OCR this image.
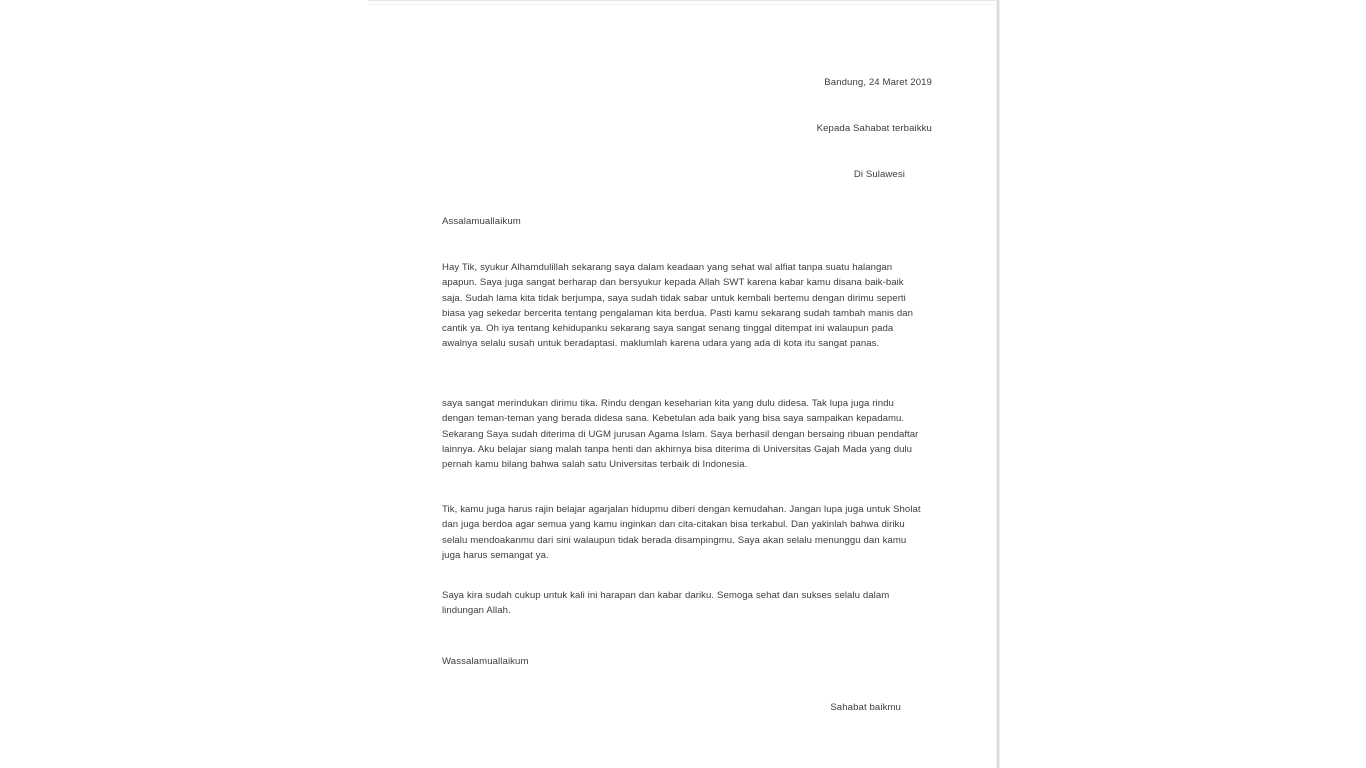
Bandung, 24 Maret 2019
Kepada Sahabat terbaikku
Di Sulawesi
Assalamuallaikum
Hay Tik, syukur Alhamdulillah sekarang saya dalam keadaan yang sehat wal alfiat tanpa suatu halangan apapun. Saya juga sangat berharap dan bersyukur kepada Allah SWT karena kabar kamu disana baik-baik saja. Sudah lama kita tidak berjumpa, saya sudah tidak sabar untuk kembali bertemu dengan dirimu seperti biasa yag sekedar bercerita tentang pengalaman kita berdua. Pasti kamu sekarang sudah tambah manis dan cantik ya. Oh iya tentang kehidupanku sekarang saya sangat senang tinggal ditempat ini walaupun pada awalnya selalu susah untuk beradaptasi. maklumlah karena udara yang ada di kota itu sangat panas.
saya sangat merindukan dirimu tika. Rindu dengan keseharian kita yang dulu didesa. Tak lupa juga rindu dengan teman-teman yang berada didesa sana. Kebetulan ada baik yang bisa saya sampaikan kepadamu. Sekarang Saya sudah diterima di UGM jurusan Agama Islam. Saya berhasil dengan bersaing ribuan pendaftar lainnya. Aku belajar siang malah tanpa henti dan akhirnya bisa diterima di Universitas Gajah Mada yang dulu pernah kamu bilang bahwa salah satu Universitas terbaik di Indonesia.
Tik, kamu juga harus rajin belajar agarjalan hidupmu diberi dengan kemudahan. Jangan lupa juga untuk Sholat dan juga berdoa agar semua yang kamu inginkan dan cita-citakan bisa terkabul. Dan yakinlah bahwa diriku selalu mendoakanmu dari sini walaupun tidak berada disampingmu. Saya akan selalu menunggu dan kamu juga harus semangat ya.
Saya kira sudah cukup untuk kali ini harapan dan kabar dariku. Semoga sehat dan sukses selalu dalam lindungan Allah.
Wassalamuallaikum
Sahabat baikmu
